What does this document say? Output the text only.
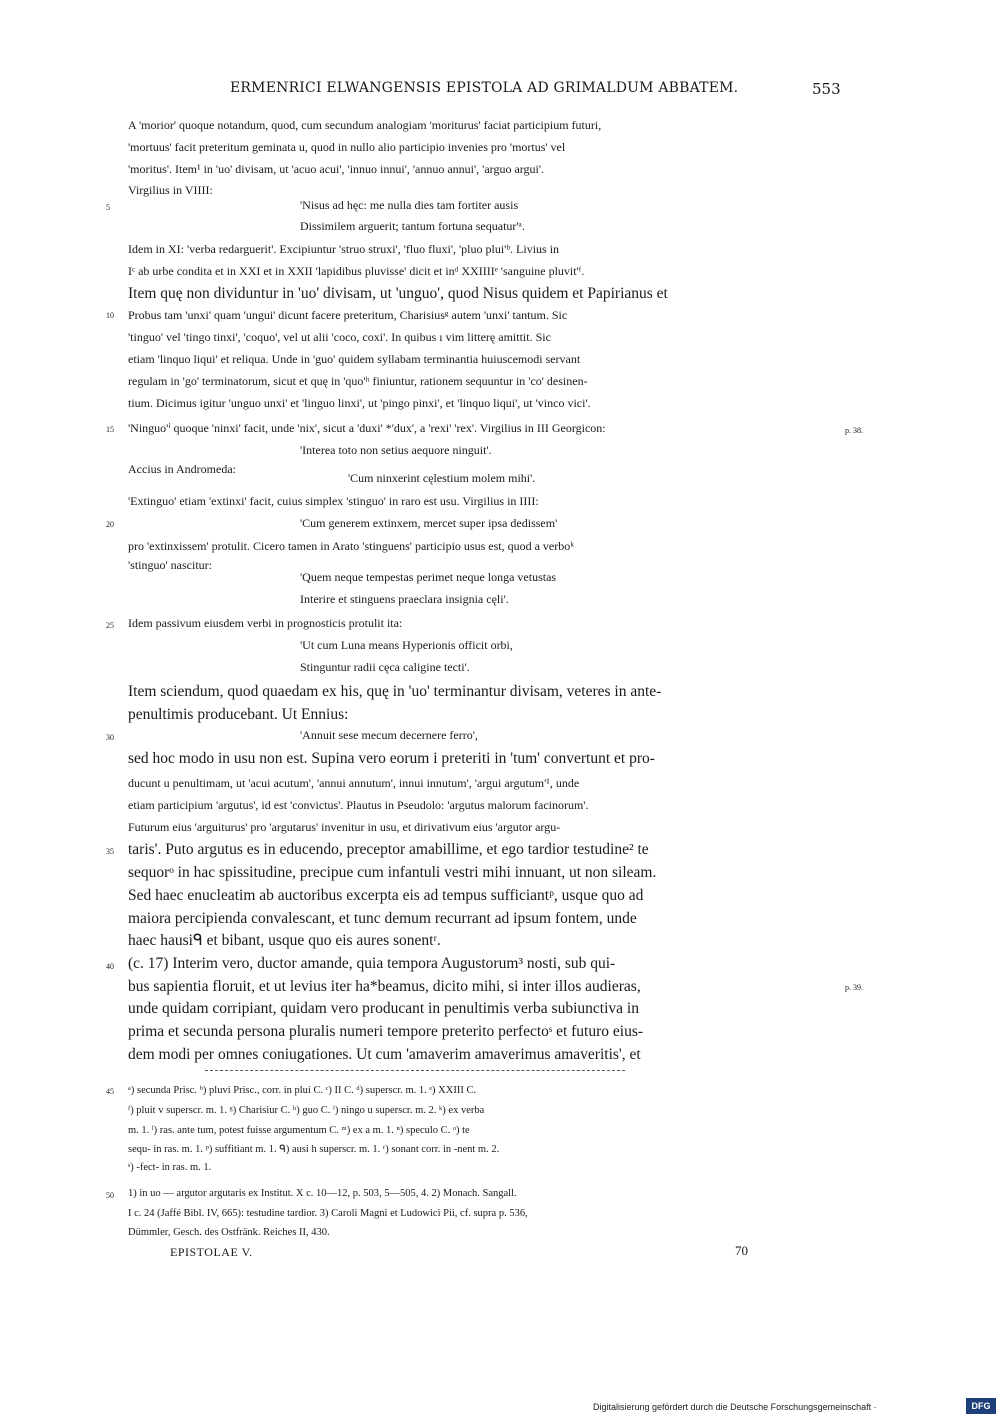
ERMENRICI ELWANGENSIS EPISTOLA AD GRIMALDUM ABBATEM.	553
A 'morior' quoque notandum, quod, cum secundum analogiam 'moriturus' faciat participium futuri,
'mortuus' facit preteritum geminata u, quod in nullo alio participio invenies pro 'mortus' vel
'moritus'. Item¹ in 'uo' divisam, ut 'acuo acui', 'innuo innui', 'annuo annui', 'arguo argui'.
Virgilius in VIIII:
5	'Nisus ad hęc: me nulla dies tam fortiter ausis
Dissimilem arguerit; tantum fortuna sequatur'ᵃ.
Idem in XI: 'verba redarguerit'. Excipiuntur 'struo struxi', 'fluo fluxi', 'pluo plui'ᵇ. Livius in
Iᶜ ab urbe condita et in XXI et in XXII 'lapidibus pluvisse' dicit et inᵈ XXIIIIᵉ 'sanguine pluvit'ᶠ.
Item quę non dividuntur in 'uo' divisam, ut 'unguo', quod Nisus quidem et Papirianus et
10 Probus tam 'unxi' quam 'ungui' dicunt facere preteritum, Charisiusᵍ autem 'unxi' tantum. Sic
'tinguo' vel 'tingo tinxi', 'coquo', vel ut alii 'coco, coxi'. In quibus ı vim litterę amittit. Sic
etiam 'linquo liqui' et reliqua. Unde in 'guo' quidem syllabam terminantia huiuscemodi servant
regulam in 'go' terminatorum, sicut et quę in 'quo'ʰ finiuntur, rationem sequuntur in 'co' desinen-
tium. Dicimus igitur 'unguo unxi' et 'linguo linxi', ut 'pingo pinxi', et 'linquo liqui', ut 'vinco vici'.
15 'Ninguo'ⁱ quoque 'ninxi' facit, unde 'nix', sicut a 'duxi' *'dux', a 'rexi' 'rex'. Virgilius in III Georgicon:	p. 38.
'Interea toto non setius aequore ninguit'.
Accius in Andromeda:
'Cum ninxerint cęlestium molem mihi'.
'Extinguo' etiam 'extinxi' facit, cuius simplex 'stinguo' in raro est usu. Virgilius in IIII:
20	'Cum generem extinxem, mercet super ipsa dedissem'
pro 'extinxissem' protulit. Cicero tamen in Arato 'stinguens' participio usus est, quod a verboᵏ
'stinguo' nascitur:
'Quem neque tempestas perimet neque longa vetustas
Interire et stinguens praeclara insignia cęli'.
25 Idem passivum eiusdem verbi in prognosticis protulit ita:
'Ut cum Luna means Hyperionis officit orbi,
Stinguntur radii cęca caligine tecti'.
Item sciendum, quod quaedam ex his, quę in 'uo' terminantur divisam, veteres in ante-
penultimis producebant. Ut Ennius:
30	'Annuit sese mecum decernere ferro',
sed hoc modo in usu non est. Supina vero eorum i preteriti in 'tum' convertunt et pro-
ducunt u penultimam, ut 'acui acutum', 'annui annutum', innui innutum', 'argui argutum'¹, unde
etiam participium 'argutus', id est 'convictus'. Plautus in Pseudolo: 'argutus malorum facinorum'.
Futurum eius 'arguiturus' pro 'argutarus' invenitur in usu, et dirivativum eius 'argutor argu-
35 taris'. Puto argutus es in educendo, preceptor amabillime, et ego tardior testudine² te
sequorᵒ in hac spissitudine, precipue cum infantuli vestri mihi innuant, ut non sileam.
Sed haec enucleatim ab auctoribus excerpta eis ad tempus sufficiantᵖ, usque quo ad
maiora percipienda convalescant, et tunc demum recurrant ad ipsum fontem, unde
haec hausiᑫ et bibant, usque quo eis aures sonentʳ.
40 (c. 17) Interim vero, ductor amande, quia tempora Augustorum³ nosti, sub qui-
bus sapientia floruit, et ut levius iter ha*beamus, dicito mihi, si inter illos audieras,	p. 39.
unde quidam corripiant, quidam vero producant in penultimis verba subiunctiva in
prima et secunda persona pluralis numeri tempore preterito perfectoˢ et futuro eius-
dem modi per omnes coniugationes. Ut cum 'amaverim amaverimus amaveritis', et
45 ᵃ) secunda Prisc. ᵇ) pluvi Prisc., corr. in plui C. ᶜ) II C. ᵈ) superscr. m. 1. ᵉ) XXIII C.
ᶠ) pluit v superscr. m. 1. ᵍ) Charisiur C. ʰ) guo C. ⁱ) ningo u superscr. m. 2. ᵏ) ex verba
m. 1. ˡ) ras. ante tum, potest fuisse argumentum C. ᵐ) ex a m. 1. ⁿ) speculo C. ᵒ) te
sequ- in ras. m. 1. ᵖ) suffitiant m. 1. ᑫ) ausi h superscr. m. 1. ʳ) sonant corr. in -nent m. 2.
ˢ) -fect- in ras. m. 1.
50 1) in uo — argutor argutaris ex Institut. X c. 10—12, p. 503, 5—505, 4. 2) Monach. Sangall.
I c. 24 (Jaffé Bibl. IV, 665): testudine tardior. 3) Caroli Magni et Ludowici Pii, cf. supra p. 536,
Dümmler, Gesch. des Ostfränk. Reiches II, 430.
EPISTOLAE V.	70
Digitalisierung gefördert durch die Deutsche Forschungsgemeinschaft ·	DFG
